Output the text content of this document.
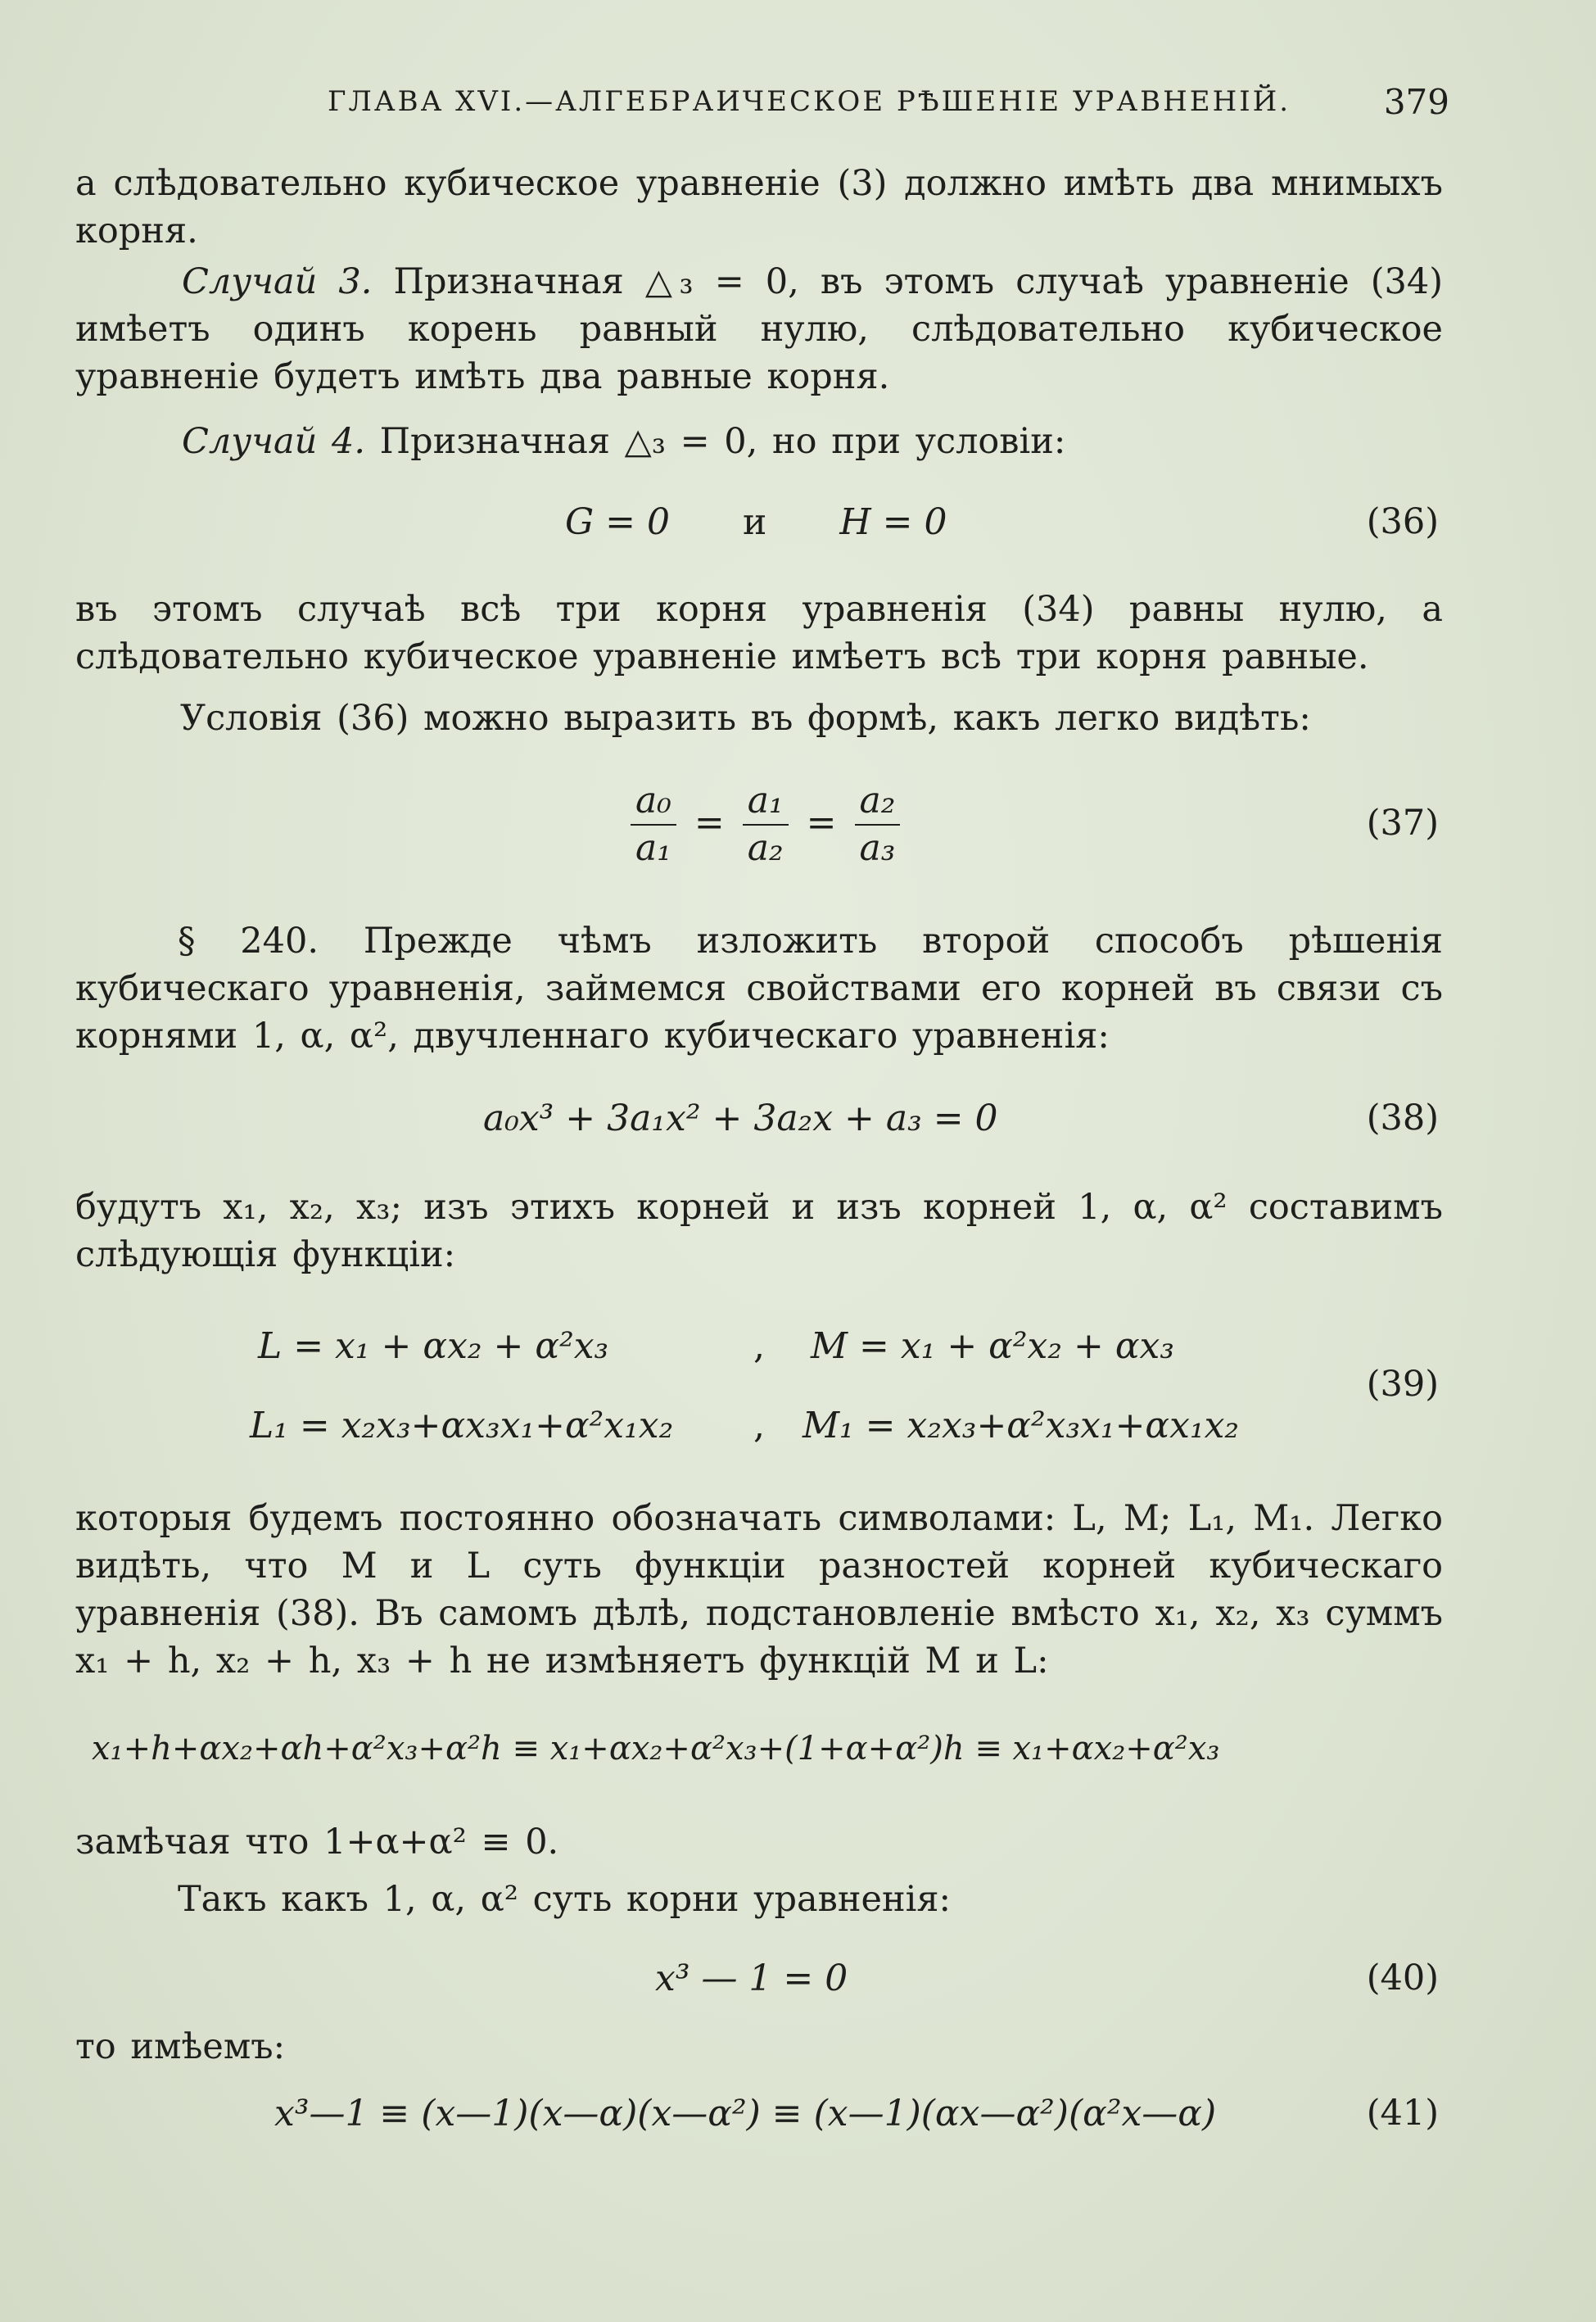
ГЛАВА XVI.—АЛГЕБРАИЧЕСКОЕ РѢШЕНІЕ УРАВНЕНІЙ.	379
а слѣдовательно кубическое уравненіе (3) должно имѣть два мнимыхъ корня.
Случай 3. Призначная △₃ = 0, въ этомъ случаѣ уравненіе (34) имѣетъ одинъ корень равный нулю, слѣдовательно кубическое уравненіе будетъ имѣть два равные корня.
Случай 4. Призначная △₃ = 0, но при условіи:
G = 0 и H = 0	(36)
въ этомъ случаѣ всѣ три корня уравненія (34) равны нулю, а слѣдовательно кубическое уравненіе имѣетъ всѣ три корня равные.
Условія (36) можно выразить въ формѣ, какъ легко видѣть:
$\frac{\text{a₀}}{\text{a₁}} = \frac{\text{a₁}}{\text{a₂}} = \frac{\text{a₂}}{\text{a₃}}$	(37)
§ 240. Прежде чѣмъ изложить второй способъ рѣшенія кубическаго уравненія, займемся свойствами его корней въ связи съ корнями 1, α, α², двучленнаго кубическаго уравненія:
a₀x³ + 3a₁x² + 3a₂x + a₃ = 0	(38)
будутъ x₁, x₂, x₃; изъ этихъ корней и изъ корней 1, α, α² составимъ слѣдующія функціи:
L = x₁ + αx₂ + α²x₃	, M = x₁ + α²x₂ + αx₃
L₁ = x₂x₃+αx₃x₁+α²x₁x₂ , M₁ = x₂x₃+α²x₃x₁+αx₁x₂
(39)
которыя будемъ постоянно обозначать символами: L, M; L₁, M₁. Легко видѣть, что M и L суть функціи разностей корней кубическаго уравненія (38). Въ самомъ дѣлѣ, подстановленіе вмѣсто x₁, x₂, x₃ суммъ x₁ + h, x₂ + h, x₃ + h не измѣняетъ функцій M и L:
x₁+h+αx₂+αh+α²x₃+α²h ≡ x₁+αx₂+α²x₃+(1+α+α²)h ≡ x₁+αx₂+α²x₃
замѣчая что 1+α+α² ≡ 0.
Такъ какъ 1, α, α² суть корни уравненія:
x³ — 1 = 0	(40)
то имѣемъ:
x³—1 ≡ (x—1)(x—α)(x—α²) ≡ (x—1)(αx—α²)(α²x—α)	(41)
